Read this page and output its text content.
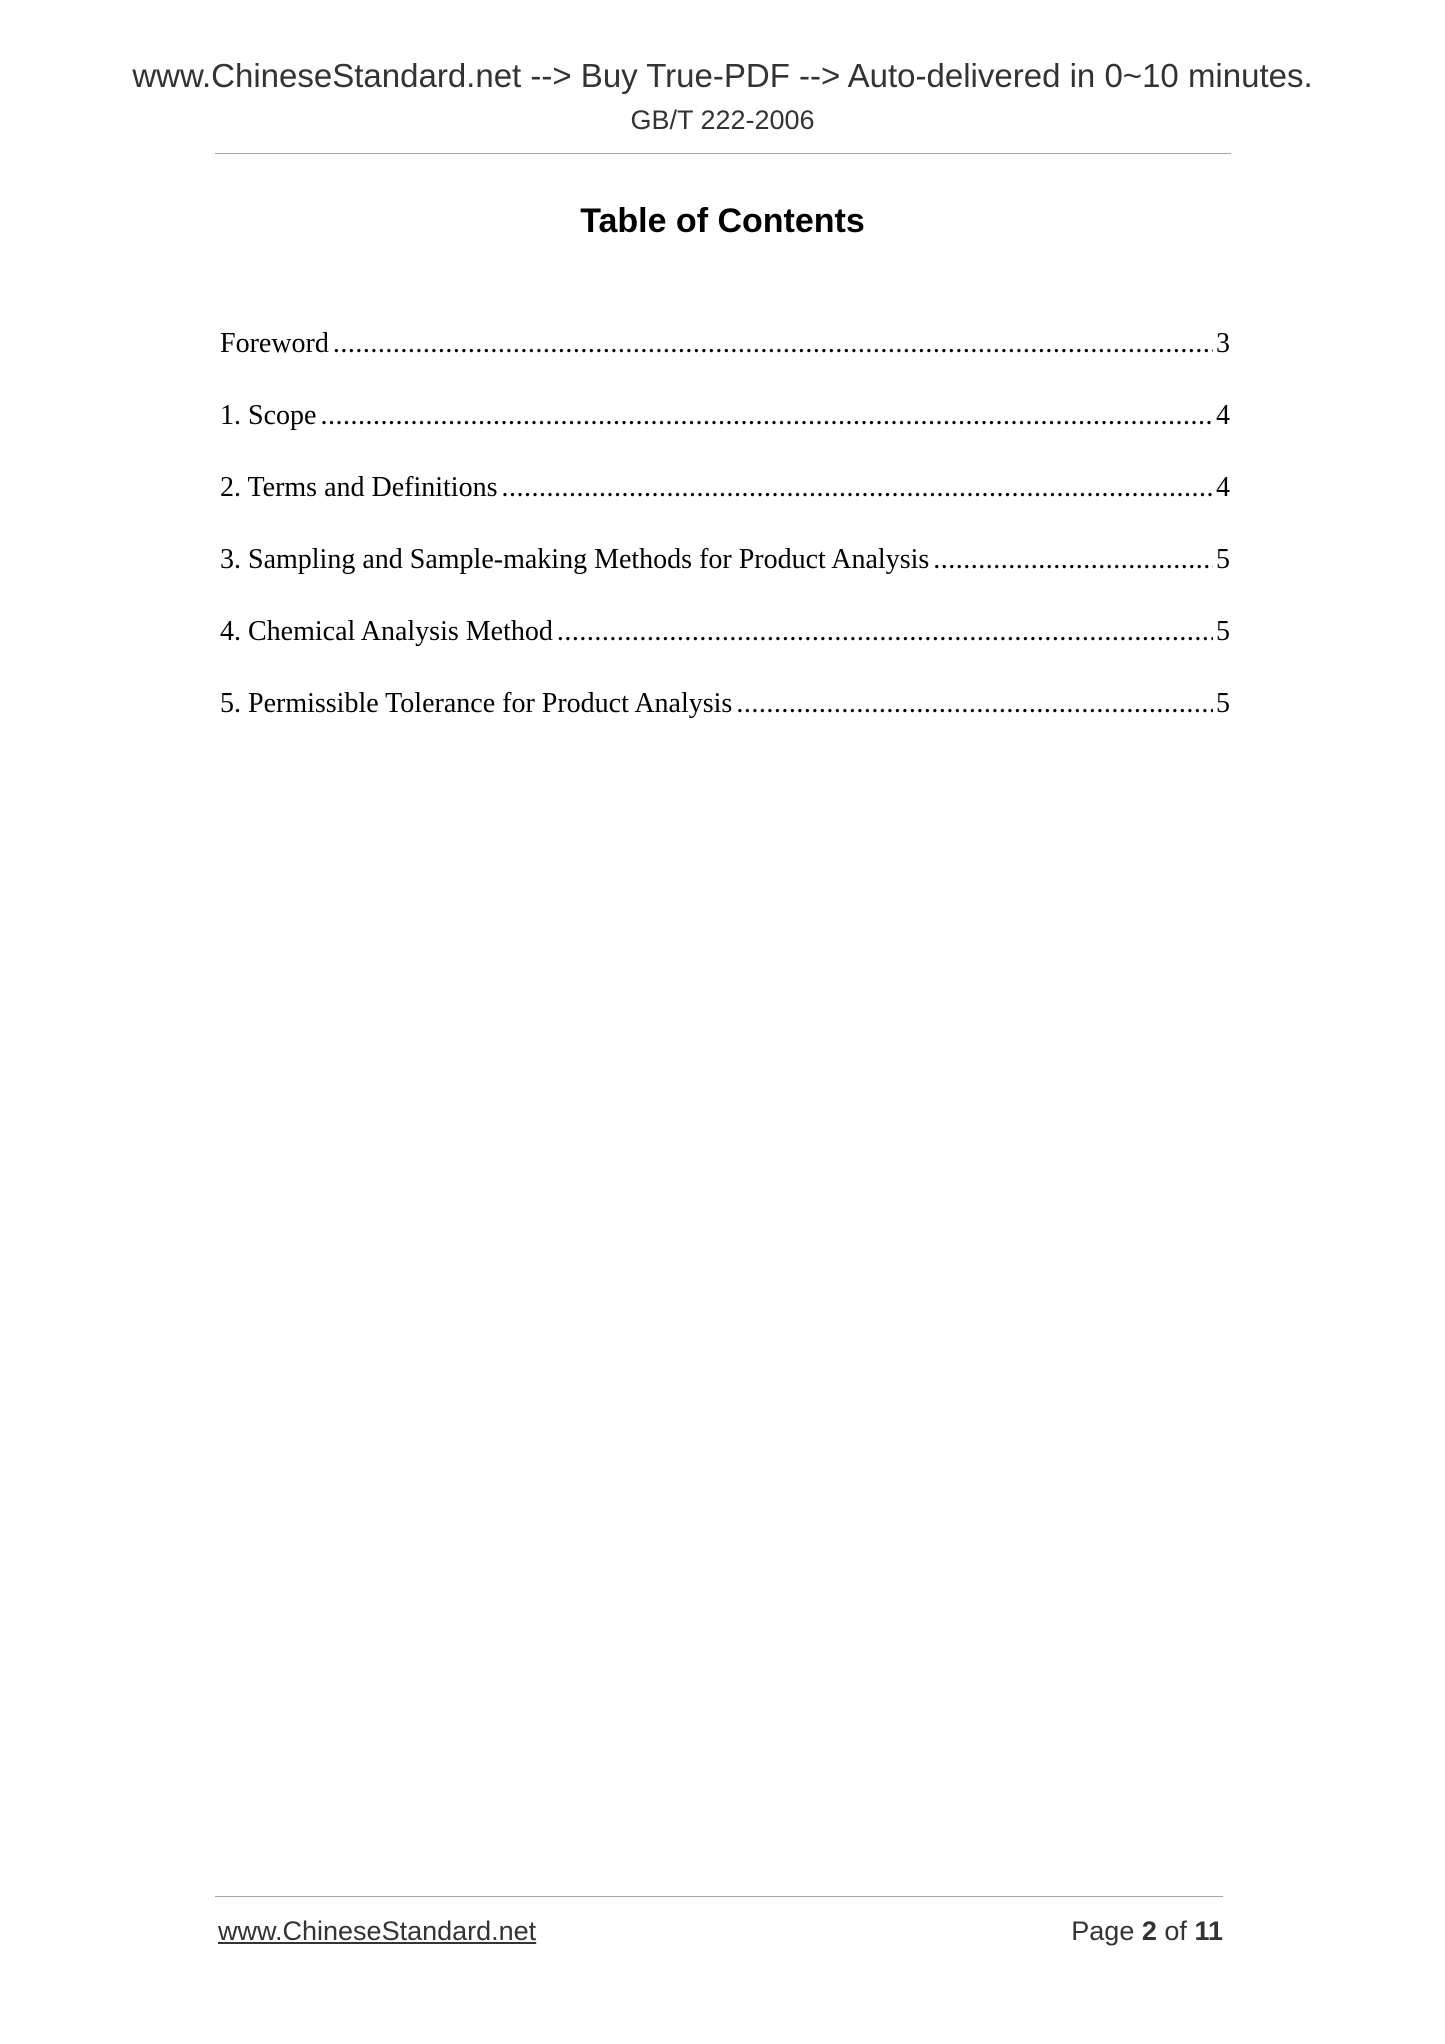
www.ChineseStandard.net --> Buy True-PDF --> Auto-delivered in 0~10 minutes.
GB/T 222-2006
Table of Contents
Foreword .....	3
1. Scope .....	4
2. Terms and Definitions .....	4
3. Sampling and Sample-making Methods for Product Analysis .....	5
4. Chemical Analysis Method .....	5
5. Permissible Tolerance for Product Analysis .....	5
www.ChineseStandard.net	Page 2 of 11
